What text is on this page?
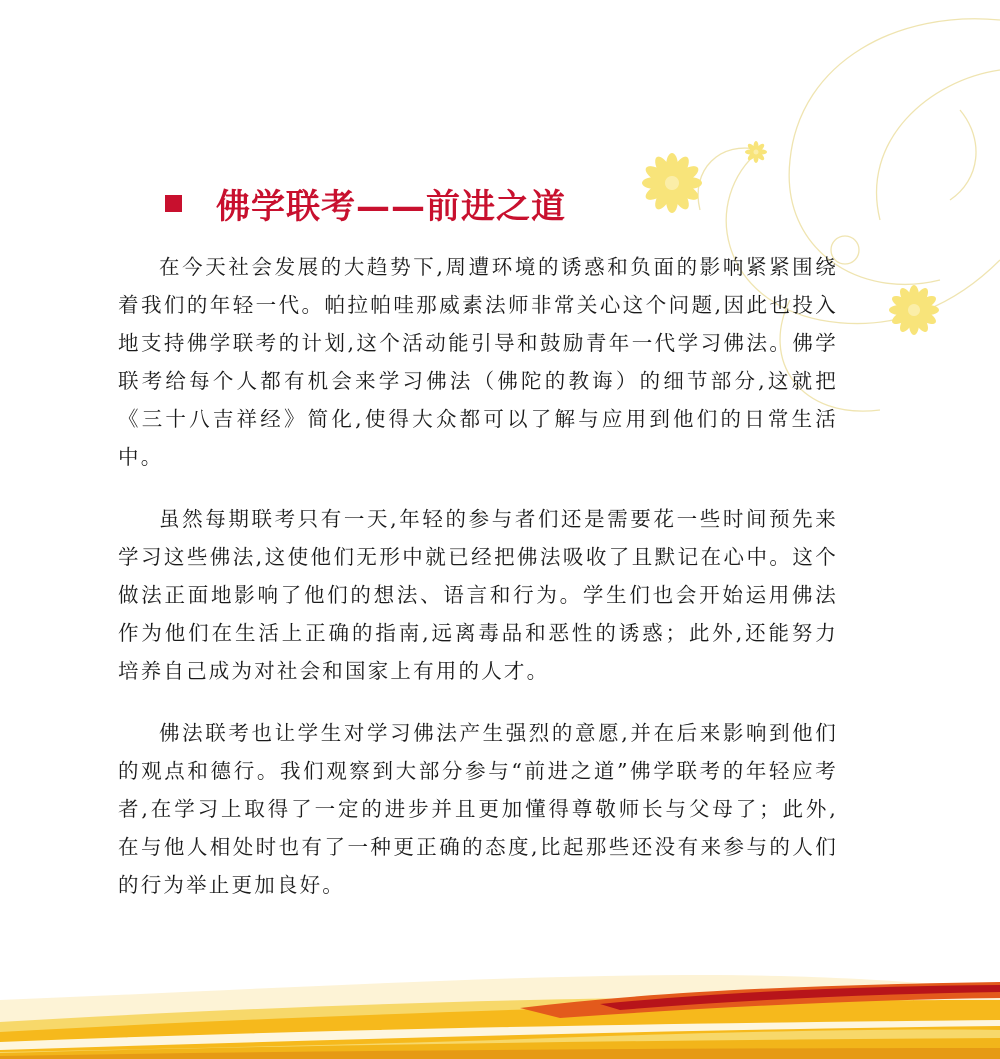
佛学联考——前进之道

在今天社会发展的大趋势下,周遭环境的诱惑和负面的影响紧紧围绕着我们的年轻一代。帕拉帕哇那威素法师非常关心这个问题,因此也投入地支持佛学联考的计划,这个活动能引导和鼓励青年一代学习佛法。佛学联考给每个人都有机会来学习佛法（佛陀的教诲）的细节部分,这就把《三十八吉祥经》简化,使得大众都可以了解与应用到他们的日常生活中。

虽然每期联考只有一天,年轻的参与者们还是需要花一些时间预先来学习这些佛法,这使他们无形中就已经把佛法吸收了且默记在心中。这个做法正面地影响了他们的想法、语言和行为。学生们也会开始运用佛法作为他们在生活上正确的指南,远离毒品和恶性的诱惑；此外,还能努力培养自己成为对社会和国家上有用的人才。

佛法联考也让学生对学习佛法产生强烈的意愿,并在后来影响到他们的观点和德行。我们观察到大部分参与“前进之道”佛学联考的年轻应考者,在学习上取得了一定的进步并且更加懂得尊敬师长与父母了；此外,在与他人相处时也有了一种更正确的态度,比起那些还没有来参与的人们的行为举止更加良好。
